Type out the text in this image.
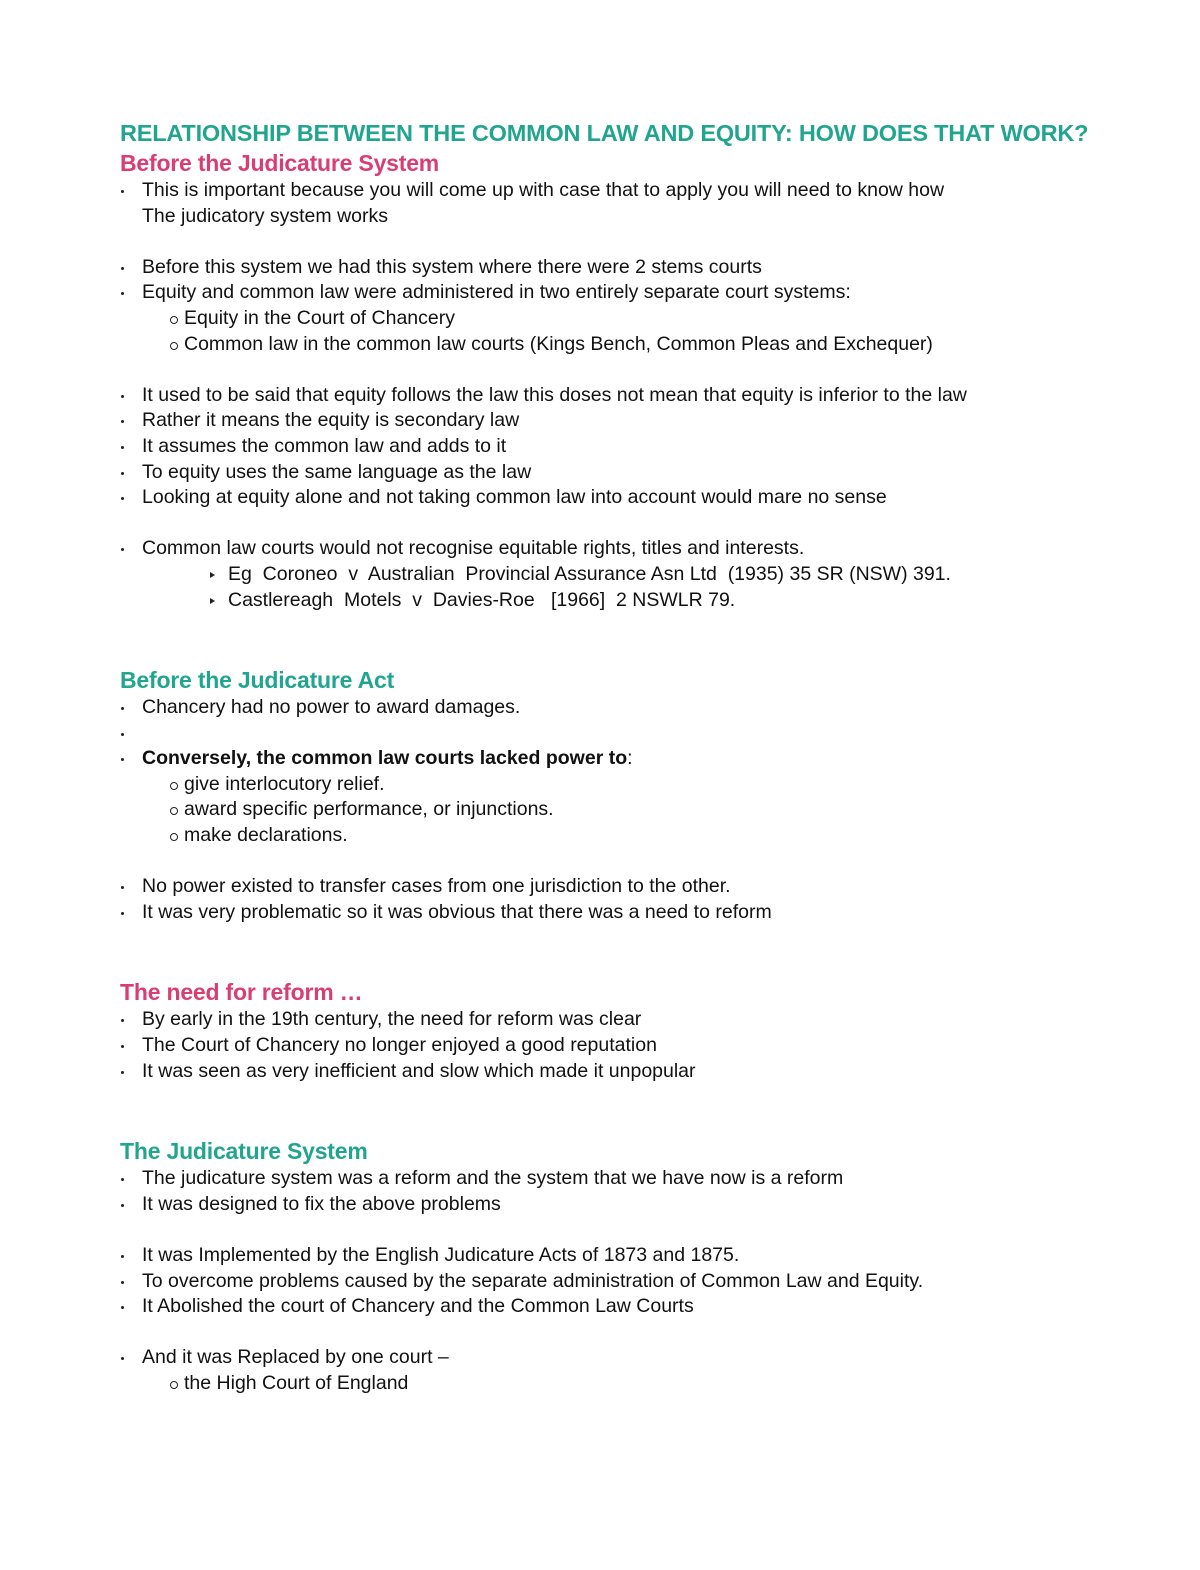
RELATIONSHIP BETWEEN THE COMMON LAW AND EQUITY: HOW DOES THAT WORK?
Before the Judicature System
This is important because you will come up with case that to apply you will need to know how
The judicatory system works
Before this system we had this system where there were 2 stems courts
Equity and common law were administered in two entirely separate court systems:
Equity in the Court of Chancery
Common law in the common law courts (Kings Bench, Common Pleas and Exchequer)
It used to be said that equity follows the law this doses not mean that equity is inferior to the law
Rather it means the equity is secondary law
It assumes the common law and adds to it
To equity uses the same language as the law
Looking at equity alone and not taking common law into account would mare no sense
Common law courts would not recognise equitable rights, titles and interests.
Eg  Coroneo  v  Australian  Provincial Assurance Asn Ltd  (1935) 35 SR (NSW) 391.
Castlereagh  Motels  v  Davies-Roe   [1966]  2 NSWLR 79.
Before the Judicature Act
Chancery had no power to award damages.
Conversely, the common law courts lacked power to:
give interlocutory relief.
award specific performance, or injunctions.
make declarations.
No power existed to transfer cases from one jurisdiction to the other.
It was very problematic so it was obvious that there was a need to reform
The need for reform …
By early in the 19th century, the need for reform was clear
The Court of Chancery no longer enjoyed a good reputation
It was seen as very inefficient and slow which made it unpopular
The Judicature System
The judicature system was a reform and the system that we have now is a reform
It was designed to fix the above problems
It was Implemented by the English Judicature Acts of 1873 and 1875.
To overcome problems caused by the separate administration of Common Law and Equity.
It Abolished the court of Chancery and the Common Law Courts
And it was Replaced by one court –
the High Court of England
